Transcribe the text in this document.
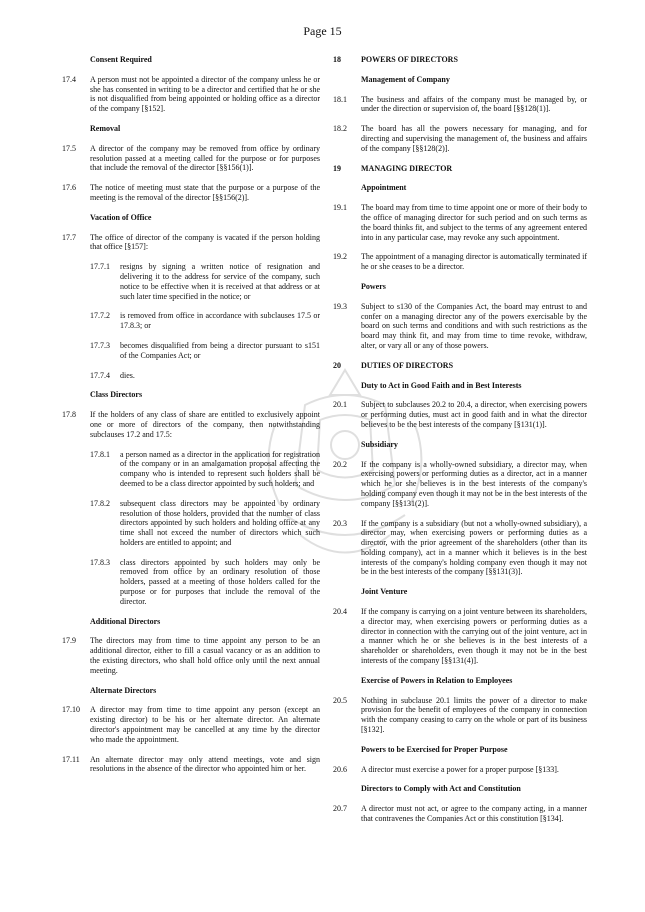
Page 15
Consent Required
17.4	A person must not be appointed a director of the company unless he or she has consented in writing to be a director and certified that he or she is not disqualified from being appointed or holding office as a director of the company [§152].
Removal
17.5	A director of the company may be removed from office by ordinary resolution passed at a meeting called for the purpose or for purposes that include the removal of the director [§§156(1)].
17.6	The notice of meeting must state that the purpose or a purpose of the meeting is the removal of the director [§§156(2)].
Vacation of Office
17.7	The office of director of the company is vacated if the person holding that office [§157]:
17.7.1	resigns by signing a written notice of resignation and delivering it to the address for service of the company, such notice to be effective when it is received at that address or at such later time specified in the notice; or
17.7.2	is removed from office in accordance with subclauses 17.5 or 17.8.3; or
17.7.3	becomes disqualified from being a director pursuant to s151 of the Companies Act; or
17.7.4	dies.
Class Directors
17.8	If the holders of any class of share are entitled to exclusively appoint one or more of directors of the company, then notwithstanding subclauses 17.2 and 17.5:
17.8.1	a person named as a director in the application for registration of the company or in an amalgamation proposal affecting the company who is intended to represent such holders shall be deemed to be a class director appointed by such holders; and
17.8.2	subsequent class directors may be appointed by ordinary resolution of those holders, provided that the number of class directors appointed by such holders and holding office at any time shall not exceed the number of directors which such holders are entitled to appoint; and
17.8.3	class directors appointed by such holders may only be removed from office by an ordinary resolution of those holders, passed at a meeting of those holders called for the purpose or for purposes that include the removal of the director.
Additional Directors
17.9	The directors may from time to time appoint any person to be an additional director, either to fill a casual vacancy or as an addition to the existing directors, who shall hold office only until the next annual meeting.
Alternate Directors
17.10	A director may from time to time appoint any person (except an existing director) to be his or her alternate director. An alternate director's appointment may be cancelled at any time by the director who made the appointment.
17.11	An alternate director may only attend meetings, vote and sign resolutions in the absence of the director who appointed him or her.
18	POWERS OF DIRECTORS
Management of Company
18.1	The business and affairs of the company must be managed by, or under the direction or supervision of, the board [§§128(1)].
18.2	The board has all the powers necessary for managing, and for directing and supervising the management of, the business and affairs of the company [§§128(2)].
19	MANAGING DIRECTOR
Appointment
19.1	The board may from time to time appoint one or more of their body to the office of managing director for such period and on such terms as the board thinks fit, and subject to the terms of any agreement entered into in any particular case, may revoke any such appointment.
19.2	The appointment of a managing director is automatically terminated if he or she ceases to be a director.
Powers
19.3	Subject to s130 of the Companies Act, the board may entrust to and confer on a managing director any of the powers exercisable by the board on such terms and conditions and with such restrictions as the board may think fit, and may from time to time revoke, withdraw, alter, or vary all or any of those powers.
20	DUTIES OF DIRECTORS
Duty to Act in Good Faith and in Best Interests
20.1	Subject to subclauses 20.2 to 20.4, a director, when exercising powers or performing duties, must act in good faith and in what the director believes to be the best interests of the company [§131(1)].
Subsidiary
20.2	If the company is a wholly-owned subsidiary, a director may, when exercising powers or performing duties as a director, act in a manner which he or she believes is in the best interests of the company's holding company even though it may not be in the best interests of the company [§§131(2)].
20.3	If the company is a subsidiary (but not a wholly-owned subsidiary), a director may, when exercising powers or performing duties as a director, with the prior agreement of the shareholders (other than its holding company), act in a manner which it believes is in the best interests of the company's holding company even though it may not be in the best interests of the company [§§131(3)].
Joint Venture
20.4	If the company is carrying on a joint venture between its shareholders, a director may, when exercising powers or performing duties as a director in connection with the carrying out of the joint venture, act in a manner which he or she believes is in the best interests of a shareholder or shareholders, even though it may not be in the best interests of the company [§§131(4)].
Exercise of Powers in Relation to Employees
20.5	Nothing in subclause 20.1 limits the power of a director to make provision for the benefit of employees of the company in connection with the company ceasing to carry on the whole or part of its business [§132].
Powers to be Exercised for Proper Purpose
20.6	A director must exercise a power for a proper purpose [§133].
Directors to Comply with Act and Constitution
20.7	A director must not act, or agree to the company acting, in a manner that contravenes the Companies Act or this constitution [§134].
